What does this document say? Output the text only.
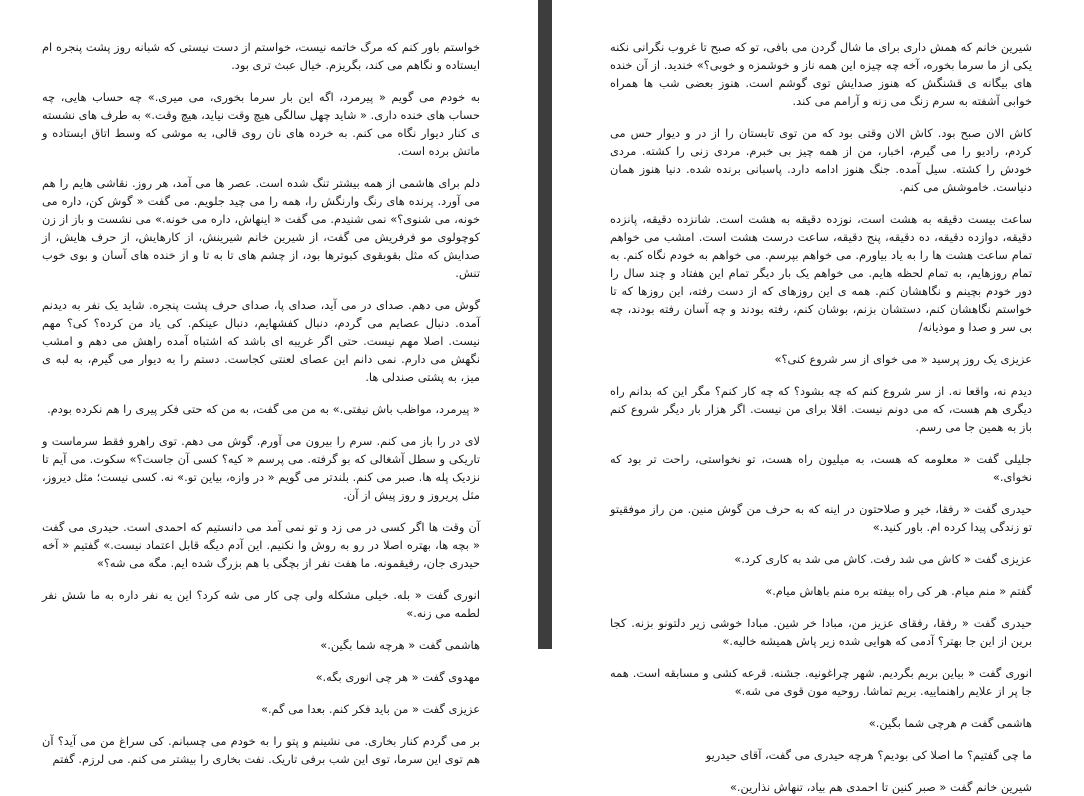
خواستم باور کنم که مرگ خاتمه نیست، خواستم از دست نیستی که شبانه روز پشت پنجره ام ایستاده و نگاهم می کند، بگریزم. خیال عبث تری بود.

به خودم می گویم « پیرمرد، اگه این بار سرما بخوری، می میری.» چه حساب هایی، چه حساب های خنده داری. « شاید چهل سالگی هیچ وقت نیاید، هیچ وقت.» به طرف های نشسته ی کنار دیوار نگاه می کنم. به خرده های نان روی قالی، به موشی که وسط اتاق ایستاده و ماتش برده است.

دلم برای هاشمی از همه بیشتر تنگ شده است. عصر ها می آمد، هر روز. نقاشی هایم را هم می آورد. پرنده های رنگ وارنگش را، همه را می چید جلویم. می گفت « گوش کن، داره می خونه، می شنوی؟» نمی شنیدم. می گفت « اینهاش، داره می خونه.» می نشست و باز از زن کوچولوی مو فرفریش می گفت، از شیرین خانم شیرینش، از کارهایش، از حرف هایش، از صدایش که مثل بقوبقوی کبوترها بود، از چشم های تا به تا و از خنده های آسان و بوی خوب تنش.

گوش می دهم. صدای در می آید، صدای پا، صدای حرف پشت پنجره. شاید یک نفر به دیدنم آمده. دنبال عصایم می گردم، دنبال کفشهایم، دنبال عینکم. کی یاد من کرده؟ کی؟ مهم نیست. اصلا مهم نیست. حتی اگر غریبه ای باشد که اشتباه آمده راهش می دهم و امشب نگهش می دارم. نمی دانم این عصای لعنتی کجاست. دستم را به دیوار می گیرم، به لبه ی میز، به پشتی صندلی ها.

« پیرمرد، مواظب باش نیفتی.» به من می گفت، به من که حتی فکر پیری را هم نکرده بودم.

لای در را باز می کنم. سرم را بیرون می آورم. گوش می دهم. توی راهرو فقط سرماست و تاریکی و سطل آشغالی که بو گرفته. می پرسم « کیه؟ کسی آن جاست؟» سکوت. می آیم تا نزدیک پله ها. صبر می کنم. بلندتر می گویم « در وازه، بیاین تو.» نه. کسی نیست؛ مثل دیروز، مثل پریروز و روز پیش از آن.

آن وقت ها اگر کسی در می زد و تو نمی آمد می دانستیم که احمدی است. حیدری می گفت « بچه ها، بهتره اصلا در رو به روش وا نکنیم. این آدم دیگه قابل اعتماد نیست.» گفتیم « آخه حیدری جان، رفیقمونه. ما هفت نفر از بچگی با هم بزرگ شده ایم. مگه می شه؟»

انوری گفت « بله. خیلی مشکله ولی چی کار می شه کرد؟ این یه نفر داره به ما شش نفر لطمه می زنه.»

هاشمی گفت « هرچه شما بگین.»

مهدوی گفت « هر چی انوری بگه.»

عزیزی گفت « من باید فکر کنم. بعدا می گم.»

بر می گردم کنار بخاری. می نشینم و پتو را به خودم می چسبانم. کی سراغ من می آید؟ آن هم توی این سرما، توی این شب برفی تاریک. نفت بخاری را بیشتر می کنم. می لرزم. گفتم

شیرین خانم که همش داری برای ما شال گردن می بافی، تو که صبح تا غروب نگرانی نکنه یکی از ما سرما بخوره، آخه چه چیزه این همه ناز و خوشمزه و خوبی؟» خندید. از آن خنده های بیگانه ی قشنگش که هنوز صدایش توی گوشم است. هنوز بعضی شب ها همراه خوابی آشفته به سرم زنگ می زنه و آرامم می کند.

کاش الان صبح بود. کاش الان وقتی بود که من توی تابستان را از در و دیوار حس می کردم، رادیو را می گیرم، اخبار، من از همه چیز بی خبرم. مردی زنی را کشته. مردی خودش را کشته. سیل آمده. جنگ هنوز ادامه دارد. پاسبانی برنده شده. دنیا هنوز همان دنیاست. خاموشش می کنم.

ساعت بیست دقیقه به هشت است، نوزده دقیقه به هشت است. شانزده دقیقه، پانزده دقیقه، دوازده دقیقه، ده دقیقه، پنج دقیقه، ساعت درست هشت است. امشب می خواهم تمام ساعت هشت ها را به یاد بیاورم. می خواهم بپرسم. می خواهم به خودم نگاه کنم. به تمام روزهایم، به تمام لحظه هایم. می خواهم یک بار دیگر تمام این هفتاد و چند سال را دور خودم بچینم و نگاهشان کنم. همه ی این روزهای که از دست رفته، این روزها که تا خواستم نگاهشان کنم، دستشان بزنم، بوشان کنم، رفته بودند و چه آسان رفته بودند، چه بی سر و صدا و موذیانه/

عزیزی یک روز پرسید « می خوای از سر شروع کنی؟»

دیدم نه، واقعا نه. از سر شروع کنم که چه بشود؟ که چه کار کنم؟ مگر این که بدانم راه دیگری هم هست، که می دونم نیست. اقلا برای من نیست. اگر هزار بار دیگر شروع کنم باز به همین جا می رسم.

جلیلی گفت « معلومه که هست، به میلیون راه هست، تو نخواستی، راحت تر بود که نخوای.»

حیدری گفت « رفقا، خیر و صلاحتون در اینه که به حرف من گوش منین. من راز موفقیتو تو زندگی پیدا کرده ام. باور کنید.»

عزیزی گفت « کاش می شد رفت. کاش می شد به کاری کرد.»

گفتم « منم میام. هر کی راه بیفته بره منم باهاش میام.»

حیدری گفت « رفقا، رفقای عزیز من، مبادا خر شین. مبادا خوشی زیر دلتونو بزنه. کجا برین از این جا بهتر؟ آدمی که هوایی شده زیر پاش همیشه خالیه.»

انوری گفت « بیاین بریم بگردیم. شهر چراغونیه. جشنه. قرعه کشی و مسابقه است. همه جا پر از علایم راهنماییه. بریم تماشا. روحیه مون قوی می شه.»

هاشمی گفت م هرچی شما بگین.»

ما چی گفتیم؟ ما اصلا کی بودیم؟ هرچه حیدری می گفت، آقای حیدریو

شیرین خانم گفت « صبر کنین تا احمدی هم بیاد، تنهاش نذارین.»
